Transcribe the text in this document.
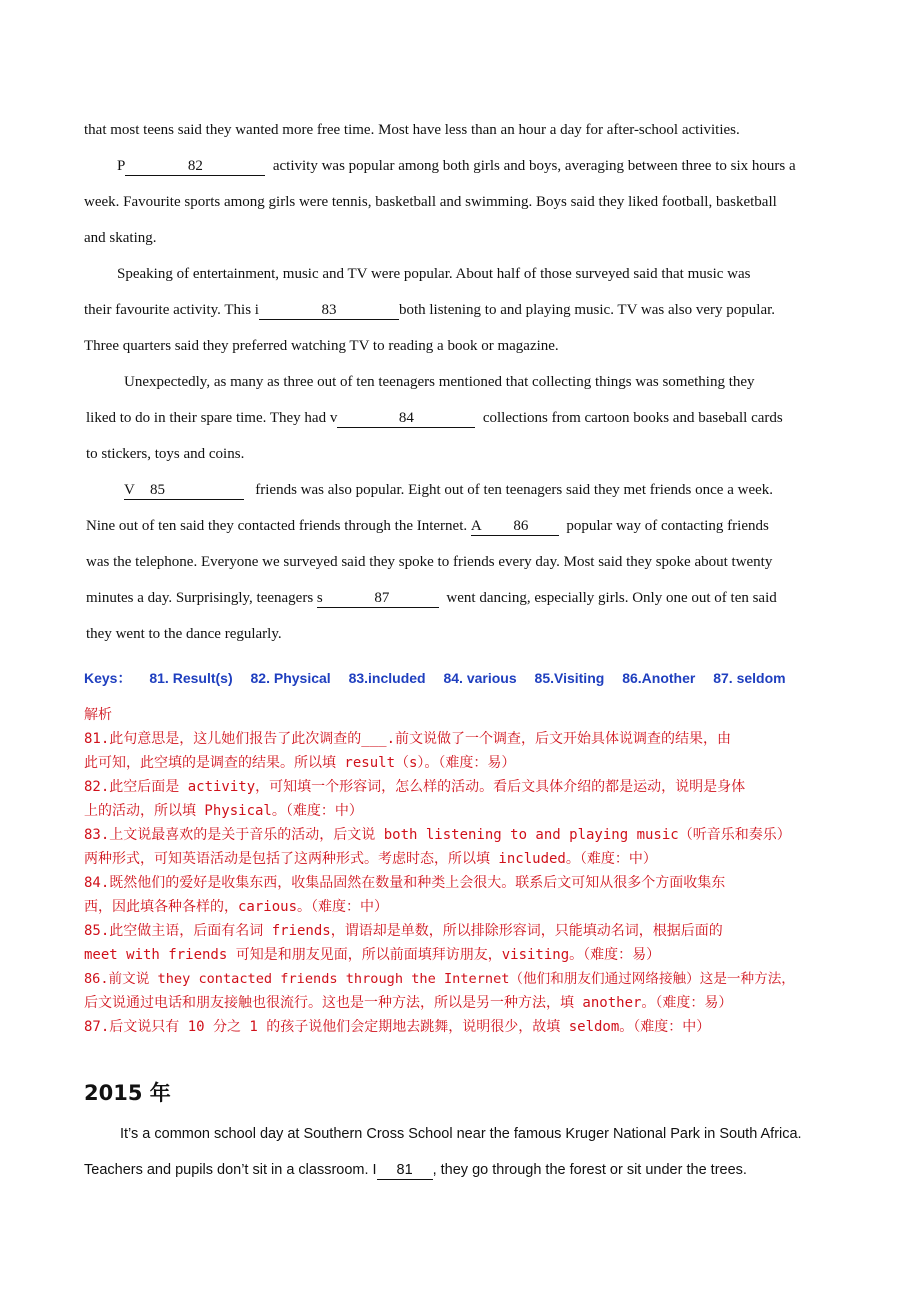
that most teens said they wanted more free time. Most have less than an hour a day for after-school activities.
P	82	activity was popular among both girls and boys, averaging between three to six hours a
week. Favourite sports among girls were tennis, basketball and swimming. Boys said they liked football, basketball
and skating.
Speaking of entertainment, music and TV were popular. About half of those surveyed said that music was
their favourite activity. This i	83	both listening to and playing music. TV was also very popular.
Three quarters said they preferred watching TV to reading a book or magazine.
Unexpectedly, as many as three out of ten teenagers mentioned that collecting things was something they
liked to do in their spare time. They had v	84	collections from cartoon books and baseball cards
to stickers, toys and coins.
V 85	friends was also popular. Eight out of ten teenagers said they met friends once a week.
Nine out of ten said they contacted friends through the Internet. A 86	popular way of contacting friends
was the telephone. Everyone we surveyed said they spoke to friends every day. Most said they spoke about twenty
minutes a day. Surprisingly, teenagers s	87	went dancing, especially girls. Only one out of ten said
they went to the dance regularly.
Keys： 81. Result(s) 82. Physical 83.included 84. various 85.Visiting 86.Another 87. seldom
解析
81.此句意思是，这儿她们报告了此次调查的___.前文说做了一个调查，后文开始具体说调查的结果，由
此可知，此空填的是调查的结果。所以填 result（s）。（难度：易）
82.此空后面是 activity，可知填一个形容词，怎么样的活动。看后文具体介绍的都是运动，说明是身体
上的活动，所以填 Physical。（难度：中）
83.上文说最喜欢的是关于音乐的活动，后文说 both listening to and playing music（听音乐和奏乐）
两种形式，可知英语活动是包括了这两种形式。考虑时态，所以填 included。（难度：中）
84.既然他们的爱好是收集东西，收集品固然在数量和种类上会很大。联系后文可知从很多个方面收集东
西，因此填各种各样的，carious。（难度：中）
85.此空做主语，后面有名词 friends，谓语却是单数，所以排除形容词，只能填动名词，根据后面的
meet with friends 可知是和朋友见面，所以前面填拜访朋友，visiting。（难度：易）
86.前文说 they contacted friends through the Internet（他们和朋友们通过网络接触）这是一种方法，
后文说通过电话和朋友接触也很流行。这也是一种方法，所以是另一种方法，填 another。（难度：易）
87.后文说只有 10 分之 1 的孩子说他们会定期地去跳舞，说明很少，故填 seldom。（难度：中）
2015 年
It’s a common school day at Southern Cross School near the famous Kruger National Park in South Africa.
Teachers and pupils don’t sit in a classroom. I 81 , they go through the forest or sit under the trees.
